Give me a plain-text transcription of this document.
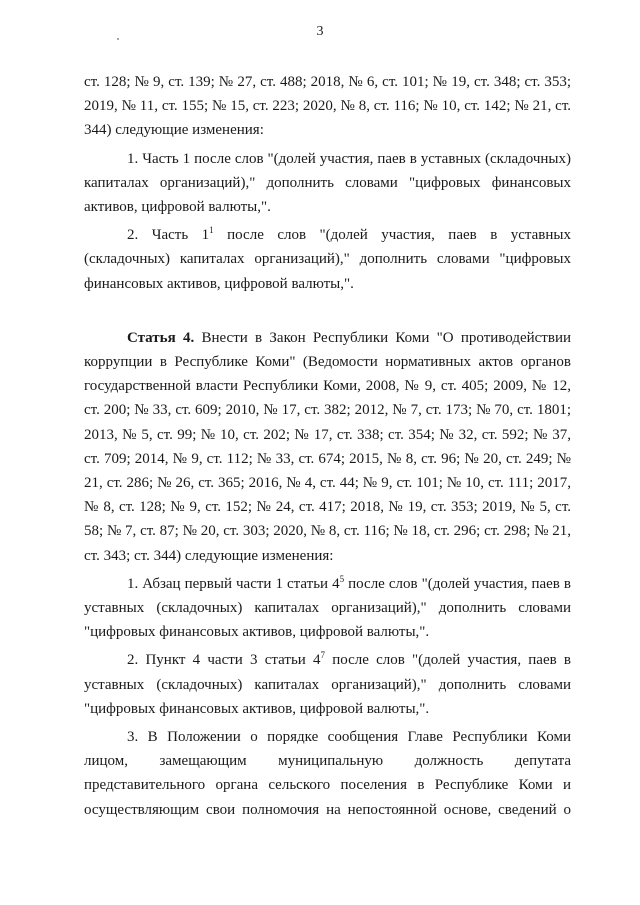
3

ст. 128; № 9, ст. 139; № 27, ст. 488; 2018, № 6, ст. 101; № 19, ст. 348; ст. 353; 2019, № 11, ст. 155; № 15, ст. 223; 2020, № 8, ст. 116; № 10, ст. 142; № 21, ст. 344) следующие изменения:

1. Часть 1 после слов "(долей участия, паев в уставных (складочных) капиталах организаций)," дополнить словами "цифровых финансовых активов, цифровой валюты,".

2. Часть $1^1$ после слов "(долей участия, паев в уставных (складочных) капиталах организаций)," дополнить словами "цифровых финансовых активов, цифровой валюты,".

Статья 4. Внести в Закон Республики Коми "О противодействии коррупции в Республике Коми" (Ведомости нормативных актов органов государственной власти Республики Коми, 2008, № 9, ст. 405; 2009, № 12, ст. 200; № 33, ст. 609; 2010, № 17, ст. 382; 2012, № 7, ст. 173; № 70, ст. 1801; 2013, № 5, ст. 99; № 10, ст. 202; № 17, ст. 338; ст. 354; № 32, ст. 592; № 37, ст. 709; 2014, № 9, ст. 112; № 33, ст. 674; 2015, № 8, ст. 96; № 20, ст. 249; № 21, ст. 286; № 26, ст. 365; 2016, № 4, ст. 44; № 9, ст. 101; № 10, ст. 111; 2017, № 8, ст. 128; № 9, ст. 152; № 24, ст. 417; 2018, № 19, ст. 353; 2019, № 5, ст. 58; № 7, ст. 87; № 20, ст. 303; 2020, № 8, ст. 116; № 18, ст. 296; ст. 298; № 21, ст. 343; ст. 344) следующие изменения:

1. Абзац первый части 1 статьи $4^5$ после слов "(долей участия, паев в уставных (складочных) капиталах организаций)," дополнить словами "цифровых финансовых активов, цифровой валюты,".

2. Пункт 4 части 3 статьи $4^7$ после слов "(долей участия, паев в уставных (складочных) капиталах организаций)," дополнить словами "цифровых финансовых активов, цифровой валюты,".

3. В Положении о порядке сообщения Главе Республики Коми лицом, замещающим муниципальную должность депутата представительного органа сельского поселения в Республике Коми и осуществляющим свои полномочия на непостоянной основе, сведений о
